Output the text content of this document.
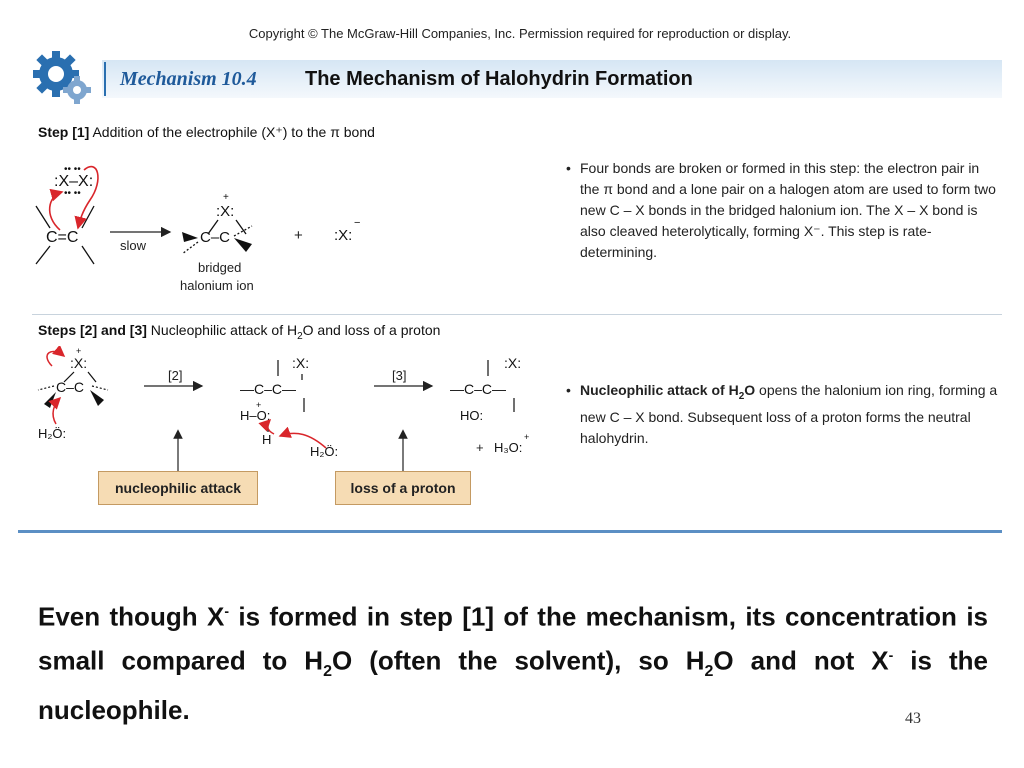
Copyright © The McGraw-Hill Companies, Inc. Permission required for reproduction or display.
Mechanism 10.4 The Mechanism of Halohydrin Formation
Step [1] Addition of the electrophile (X⁺) to the π bond
:X–X:
•• ••
•• ••
C=C	slow
:X:
+
C–C
bridged
halonium ion
+ :X:
−
• Four bonds are broken or formed in this step: the electron pair in the π bond and a lone pair on a halogen atom are used to form two new C – X bonds in the bridged halonium ion. The X – X bond is also cleaved heterolytically, forming X⁻. This step is rate-determining.
Steps [2] and [3] Nucleophilic attack of $H_2O$ and loss of a proton
:X:
+
C–C
H₂Ö:
[2]
:X:
—C–C—
H–O:
+
H
H₂Ö:
[3]
:X:
—C–C—
HO:
+ H₃O:
+
• Nucleophilic attack of $H_2O$ opens the halonium ion ring, forming a new C – X bond. Subsequent loss of a proton forms the neutral halohydrin.
nucleophilic attack	loss of a proton
Even though X- is formed in step [1] of the mechanism, its concentration is small compared to $H_2O$ (often the solvent), so $H_2O$ and not X- is the nucleophile.	43
